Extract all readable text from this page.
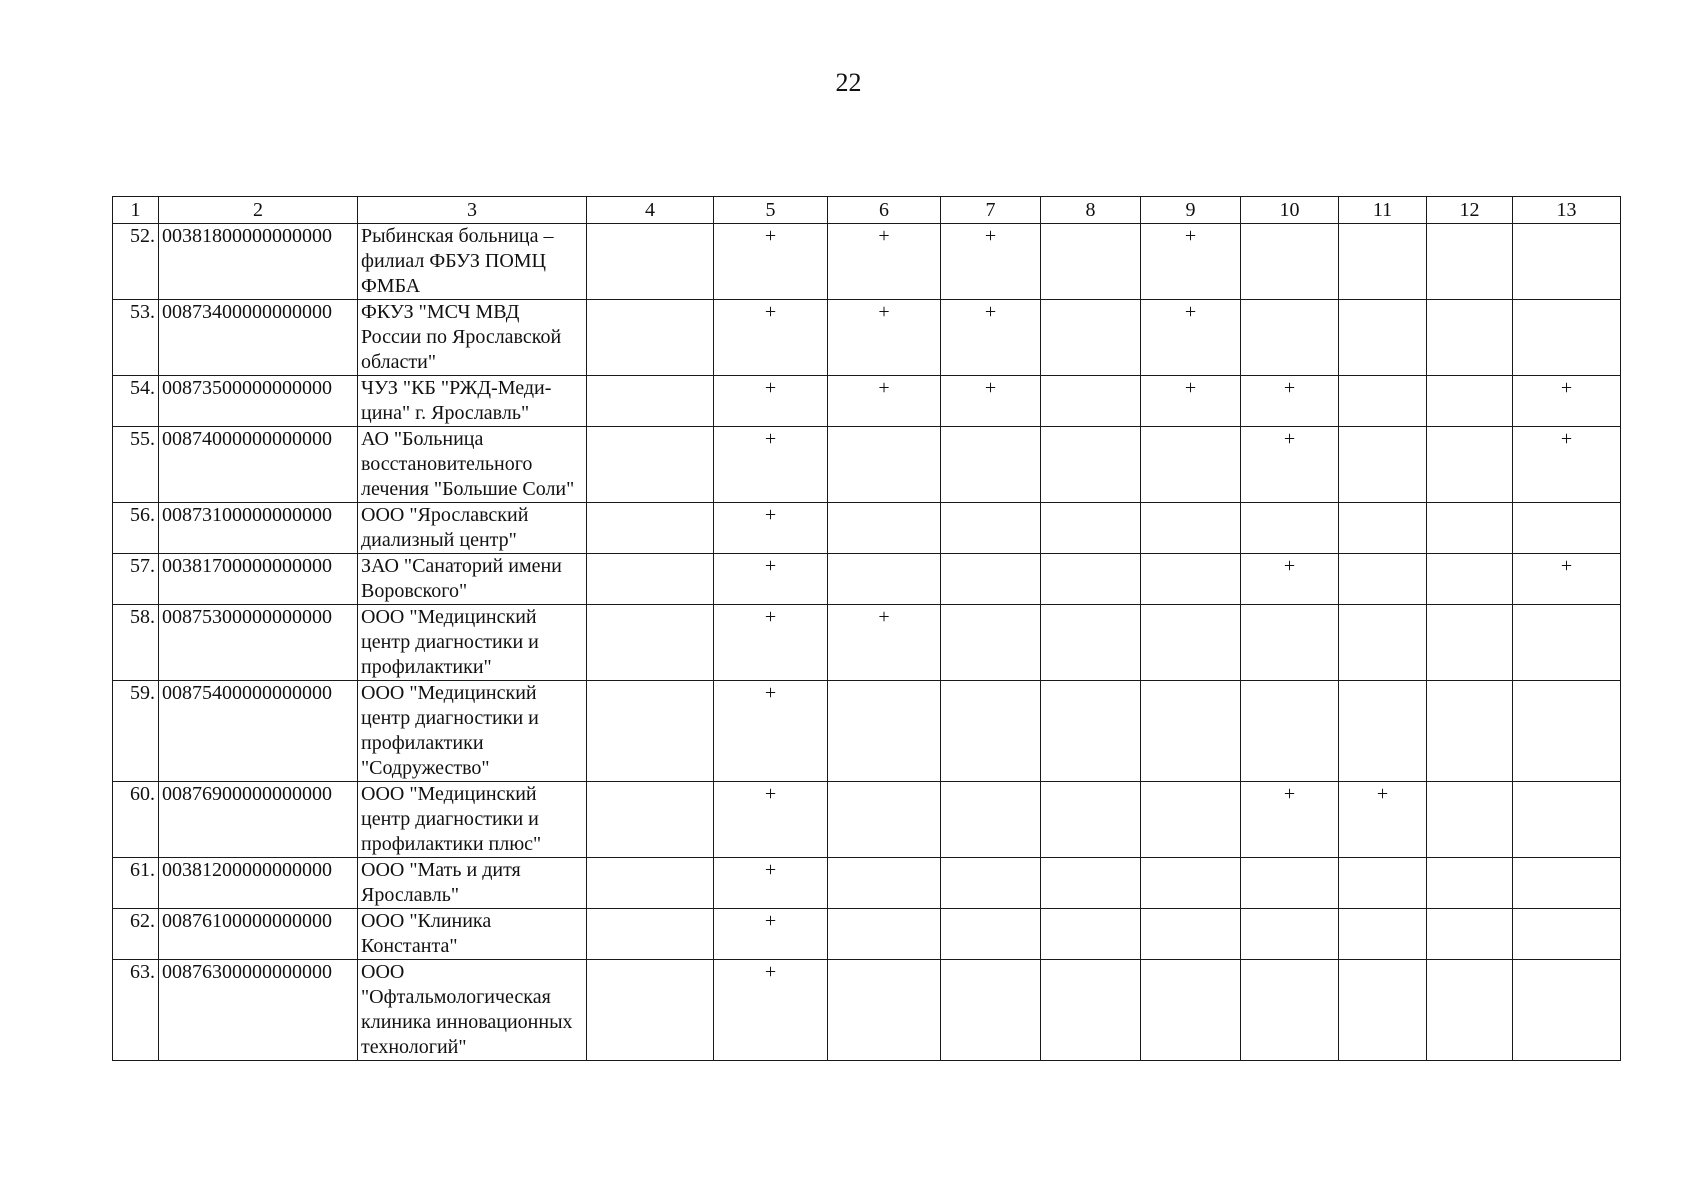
22
1	2	3	4	5	6	7	8	9	10	11	12	13
52.	00381800000000000	Рыбинская больница – филиал ФБУЗ ПОМЦ ФМБА		+	+	+		+				
53.	00873400000000000	ФКУЗ "МСЧ МВД России по Ярославской области"		+	+	+		+				
54.	00873500000000000	ЧУЗ "КБ "РЖД-Меди-цина" г. Ярославль"		+	+	+		+	+			+
55.	00874000000000000	АО "Больница восстановительного лечения "Большие Соли"		+					+			+
56.	00873100000000000	ООО "Ярославский диализный центр"		+								
57.	00381700000000000	ЗАО "Санаторий имени Воровского"		+					+			+
58.	00875300000000000	ООО "Медицинский центр диагностики и профилактики"		+	+							
59.	00875400000000000	ООО "Медицинский центр диагностики и профилактики "Содружество"		+								
60.	00876900000000000	ООО "Медицинский центр диагностики и профилактики плюс"		+					+	+		
61.	00381200000000000	ООО "Мать и дитя Ярославль"		+								
62.	00876100000000000	ООО "Клиника Константа"		+								
63.	00876300000000000	ООО "Офтальмологическая клиника инновационных технологий"		+								
